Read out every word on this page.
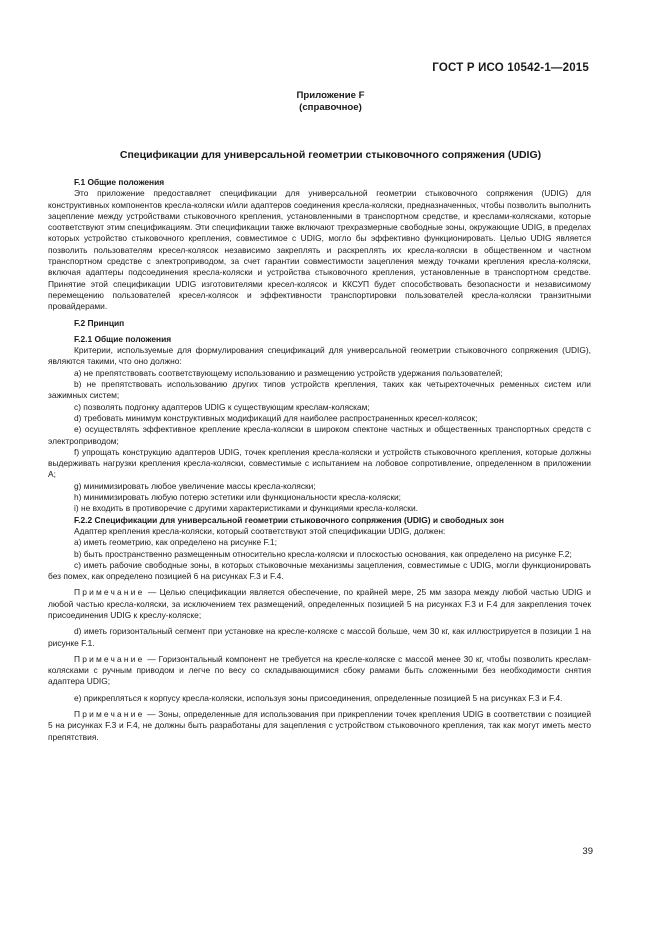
ГОСТ Р ИСО 10542-1—2015
Приложение F
(справочное)
Спецификации для универсальной геометрии стыковочного сопряжения (UDIG)

F.1 Общие положения

Это приложение предоставляет спецификации для универсальной геометрии стыковочного сопряжения (UDIG) для конструктивных компонентов кресла-коляски и/или адаптеров соединения кресла-коляски, предназначенных, чтобы позволить выполнить зацепление между устройствами стыковочного крепления, установленными в транспортном средстве, и креслами-колясками, которые соответствуют этим спецификациям. Эти спецификации также включают трехразмерные свободные зоны, окружающие UDIG, в пределах которых устройство стыковочного крепления, совместимое с UDIG, могло бы эффективно функционировать. Целью UDIG является позволить пользователям кресел-колясок независимо закреплять и раскреплять их кресла-коляски в общественном и частном транспортном средстве с электроприводом, за счет гарантии совместимости зацепления между точками крепления кресла-коляски, включая адаптеры подсоединения кресла-коляски и устройства стыковочного крепления, установленные в транспортном средстве. Принятие этой спецификации UDIG изготовителями кресел-колясок и ККСУП будет способствовать безопасности и независимому перемещению пользователей кресел-колясок и эффективности транспортировки пользователей кресла-коляски транзитными провайдерами.

F.2 Принцип

F.2.1 Общие положения

Критерии, используемые для формулирования спецификаций для универсальной геометрии стыковочного сопряжения (UDIG), являются такими, что оно должно:

a) не препятствовать соответствующему использованию и размещению устройств удержания пользователей;

b) не препятствовать использованию других типов устройств крепления, таких как четырехточечных ременных систем или зажимных систем;

c) позволять подгонку адаптеров UDIG к существующим креслам-коляскам;

d) требовать минимум конструктивных модификаций для наиболее распространенных кресел-колясок;

e) осуществлять эффективное крепление кресла-коляски в широком спектоне частных и общественных транспортных средств с электроприводом;

f) упрощать конструкцию адаптеров UDIG, точек крепления кресла-коляски и устройств стыковочного крепления, которые должны выдерживать нагрузки крепления кресла-коляски, совместимые с испытанием на лобовое сопротивление, определенном в приложении А;

g) минимизировать любое увеличение массы кресла-коляски;

h) минимизировать любую потерю эстетики или функциональности кресла-коляски;

i) не входить в противоречие с другими характеристиками и функциями кресла-коляски.

F.2.2 Спецификации для универсальной геометрии стыковочного сопряжения (UDIG) и свободных зон

Адаптер крепления кресла-коляски, который соответствуют этой спецификации UDIG, должен:

a) иметь геометрию, как определено на рисунке F.1;

b) быть пространственно размещенным относительно кресла-коляски и плоскостью основания, как определено на рисунке F.2;

c) иметь рабочие свободные зоны, в которых стыковочные механизмы зацепления, совместимые с UDIG, могли функционировать без помех, как определено позицией 6 на рисунках F.3 и F.4.

Примечание — Целью спецификации является обеспечение, по крайней мере, 25 мм зазора между любой частью UDIG и любой частью кресла-коляски, за исключением тех размещений, определенных позицией 5 на рисунках F.3 и F.4 для закрепления точек присоединения UDIG к креслу-коляске;

d) иметь горизонтальный сегмент при установке на кресле-коляске с массой больше, чем 30 кг, как иллюстрируется в позиции 1 на рисунке F.1.

Примечание — Горизонтальный компонент не требуется на кресле-коляске с массой менее 30 кг, чтобы позволить креслам-колясками с ручным приводом и легче по весу со складывающимися сбоку рамами быть сложенными без необходимости снятия адаптера UDIG;

e) прикрепляться к корпусу кресла-коляски, используя зоны присоединения, определенные позицией 5 на рисунках F.3 и F.4.

Примечание — Зоны, определенные для использования при прикреплении точек крепления UDIG в соответствии с позицией 5 на рисунках F.3 и F.4, не должны быть разработаны для зацепления с устройством стыковочного крепления, так как могут иметь место препятствия.

39
